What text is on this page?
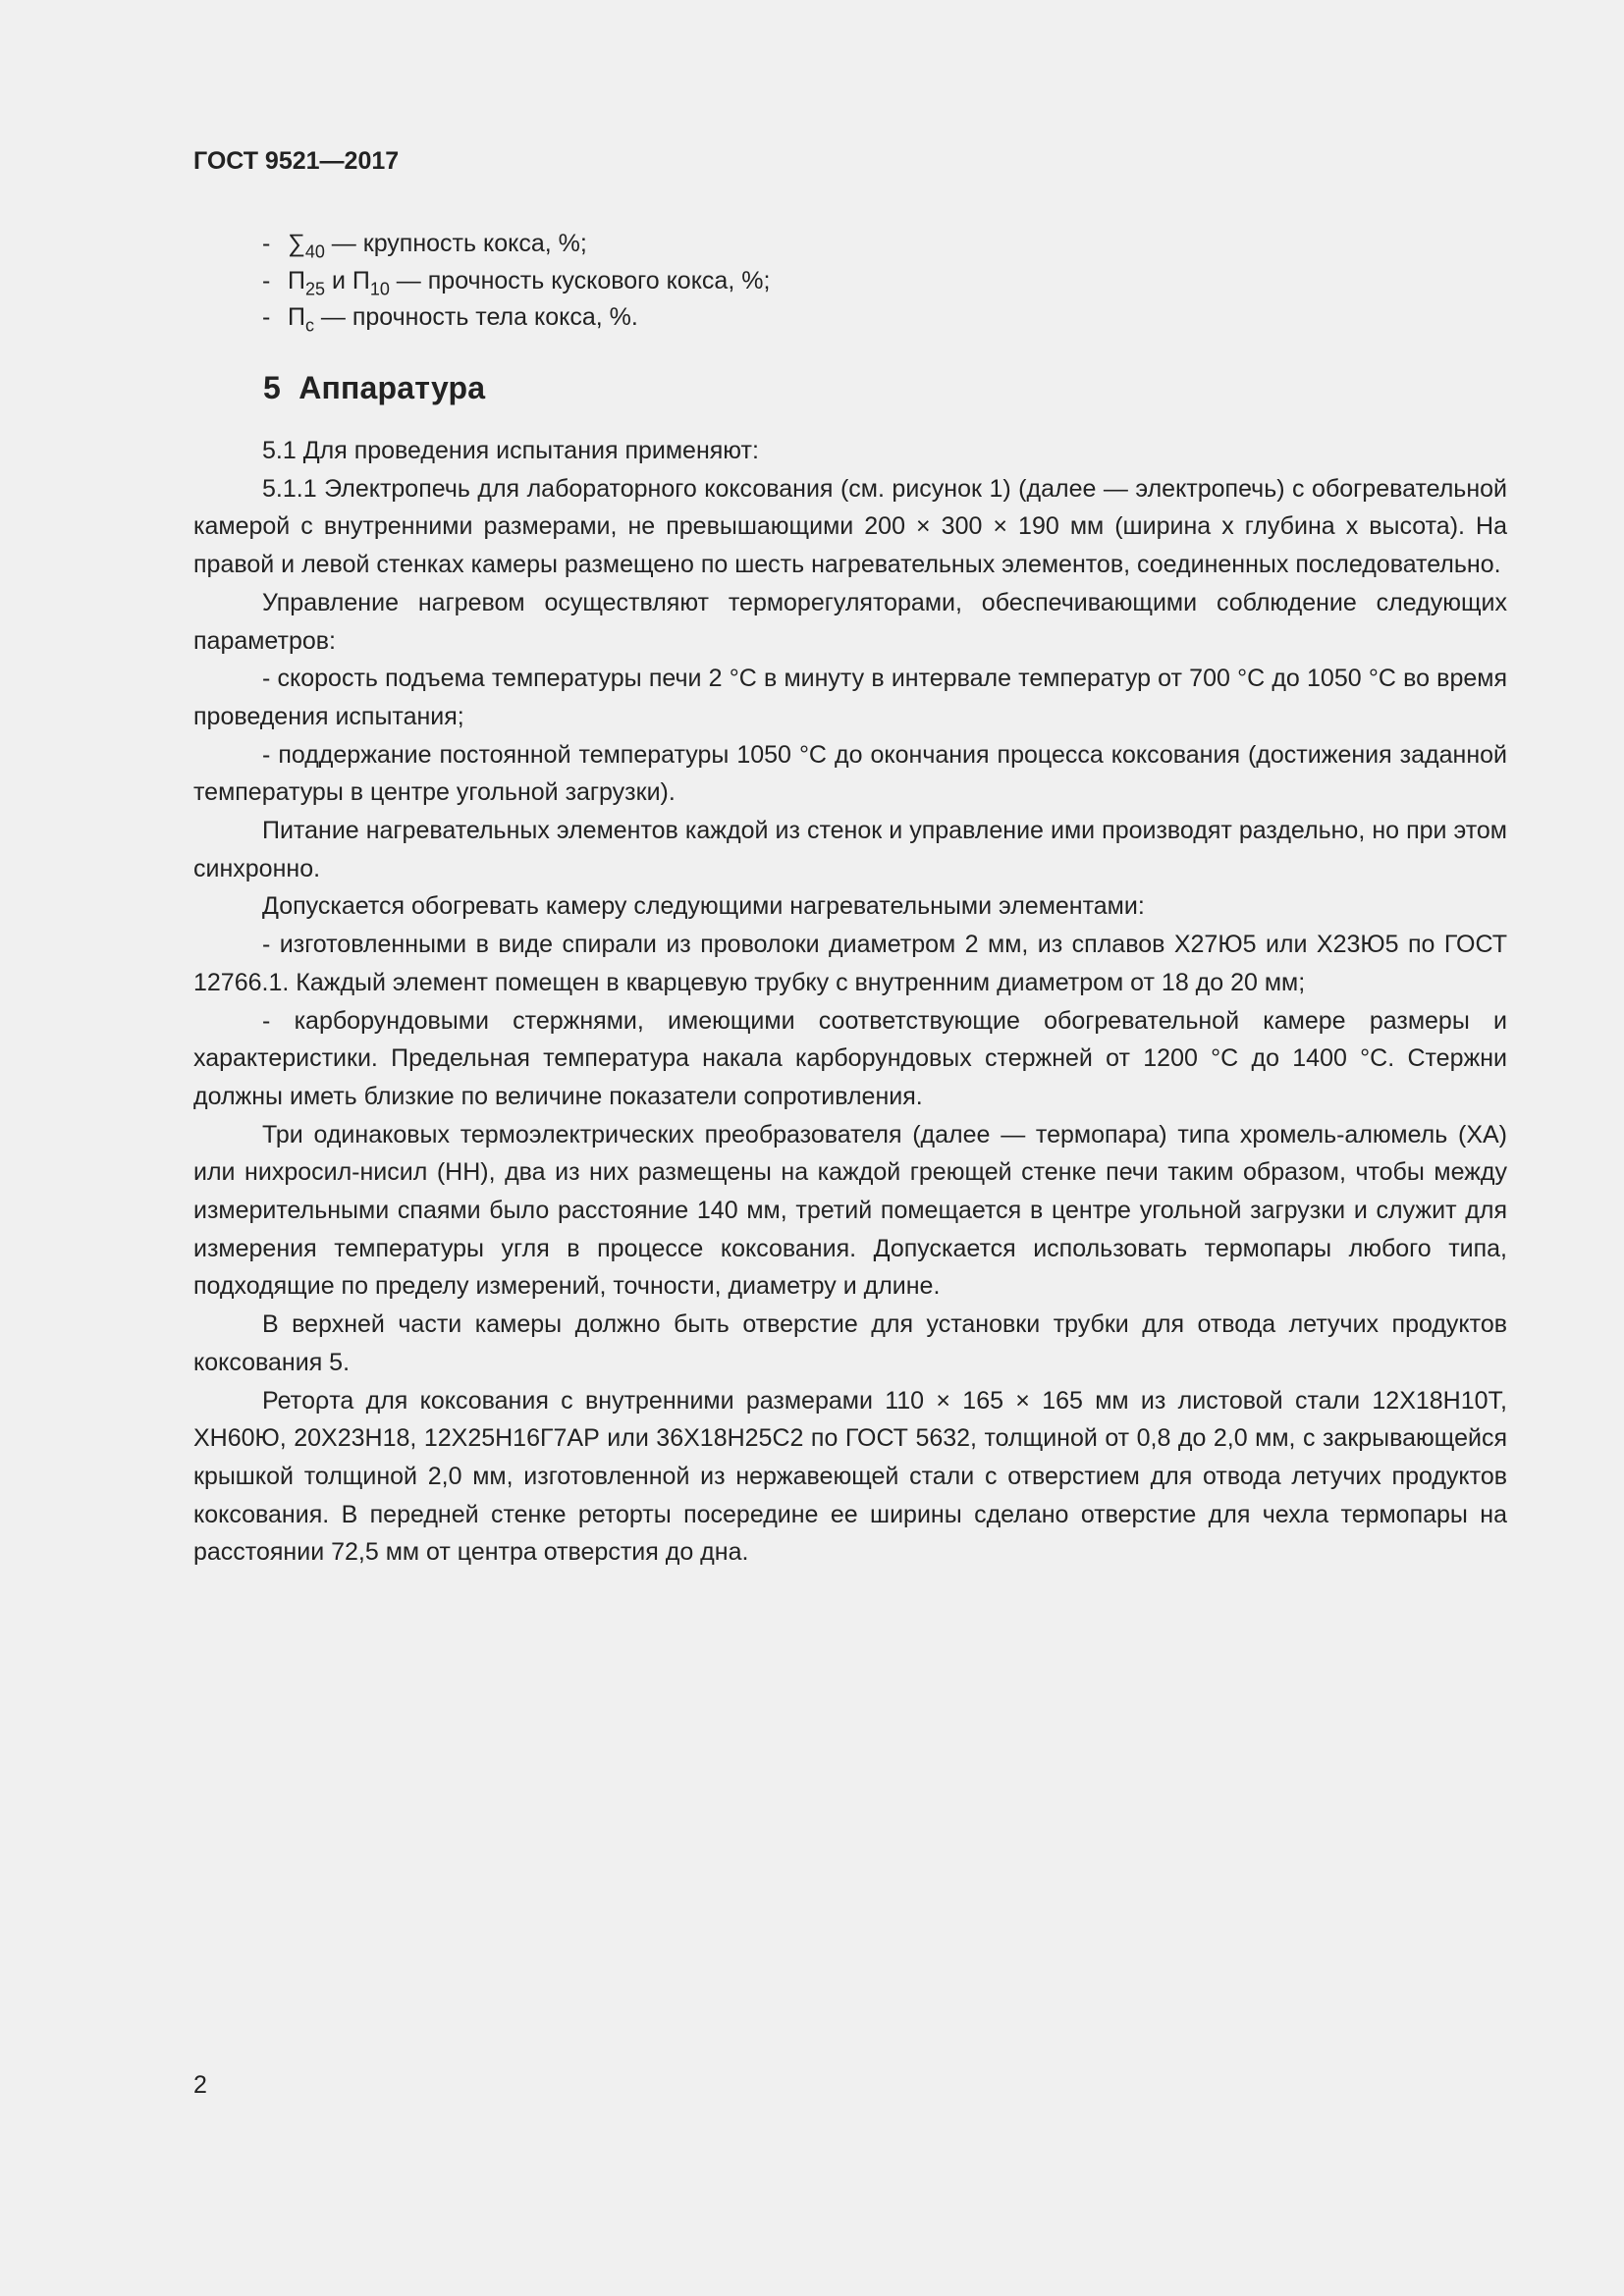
ГОСТ 9521—2017
- $\sum_{40}$ — крупность кокса, %;
- $П_{25}$ и $П_{10}$ — прочность кускового кокса, %;
- $П_с$ — прочность тела кокса, %.
5 Аппаратура

5.1 Для проведения испытания применяют:

5.1.1 Электропечь для лабораторного коксования (см. рисунок 1) (далее — электропечь) с обогревательной камерой с внутренними размерами, не превышающими 200 × 300 × 190 мм (ширина x глубина x высота). На правой и левой стенках камеры размещено по шесть нагревательных элементов, соединенных последовательно.

Управление нагревом осуществляют терморегуляторами, обеспечивающими соблюдение следующих параметров:

- скорость подъема температуры печи 2 °С в минуту в интервале температур от 700 °С до 1050 °С во время проведения испытания;

- поддержание постоянной температуры 1050 °С до окончания процесса коксования (достижения заданной температуры в центре угольной загрузки).

Питание нагревательных элементов каждой из стенок и управление ими производят раздельно, но при этом синхронно.

Допускается обогревать камеру следующими нагревательными элементами:

- изготовленными в виде спирали из проволоки диаметром 2 мм, из сплавов Х27Ю5 или Х23Ю5 по ГОСТ 12766.1. Каждый элемент помещен в кварцевую трубку с внутренним диаметром от 18 до 20 мм;

- карборундовыми стержнями, имеющими соответствующие обогревательной камере размеры и характеристики. Предельная температура накала карборундовых стержней от 1200 °С до 1400 °С. Стержни должны иметь близкие по величине показатели сопротивления.

Три одинаковых термоэлектрических преобразователя (далее — термопара) типа хромель-алюмель (ХА) или нихросил-нисил (НН), два из них размещены на каждой греющей стенке печи таким образом, чтобы между измерительными спаями было расстояние 140 мм, третий помещается в центре угольной загрузки и служит для измерения температуры угля в процессе коксования. Допускается использовать термопары любого типа, подходящие по пределу измерений, точности, диаметру и длине.

В верхней части камеры должно быть отверстие для установки трубки для отвода летучих продуктов коксования 5.

Ретορта для коксования с внутренними размерами 110 × 165 × 165 мм из листовой стали 12Х18Н10Т, ХН60Ю, 20Х23Н18, 12Х25Н16Г7АР или 36Х18Н25С2 по ГОСТ 5632, толщиной от 0,8 до 2,0 мм, с закрывающейся крышкой толщиной 2,0 мм, изготовленной из нержавеющей стали с отверстием для отвода летучих продуктов коксования. В передней стенке реторты посередине ее ширины сделано отверстие для чехла термопары на расстоянии 72,5 мм от центра отверстия до дна.

2
